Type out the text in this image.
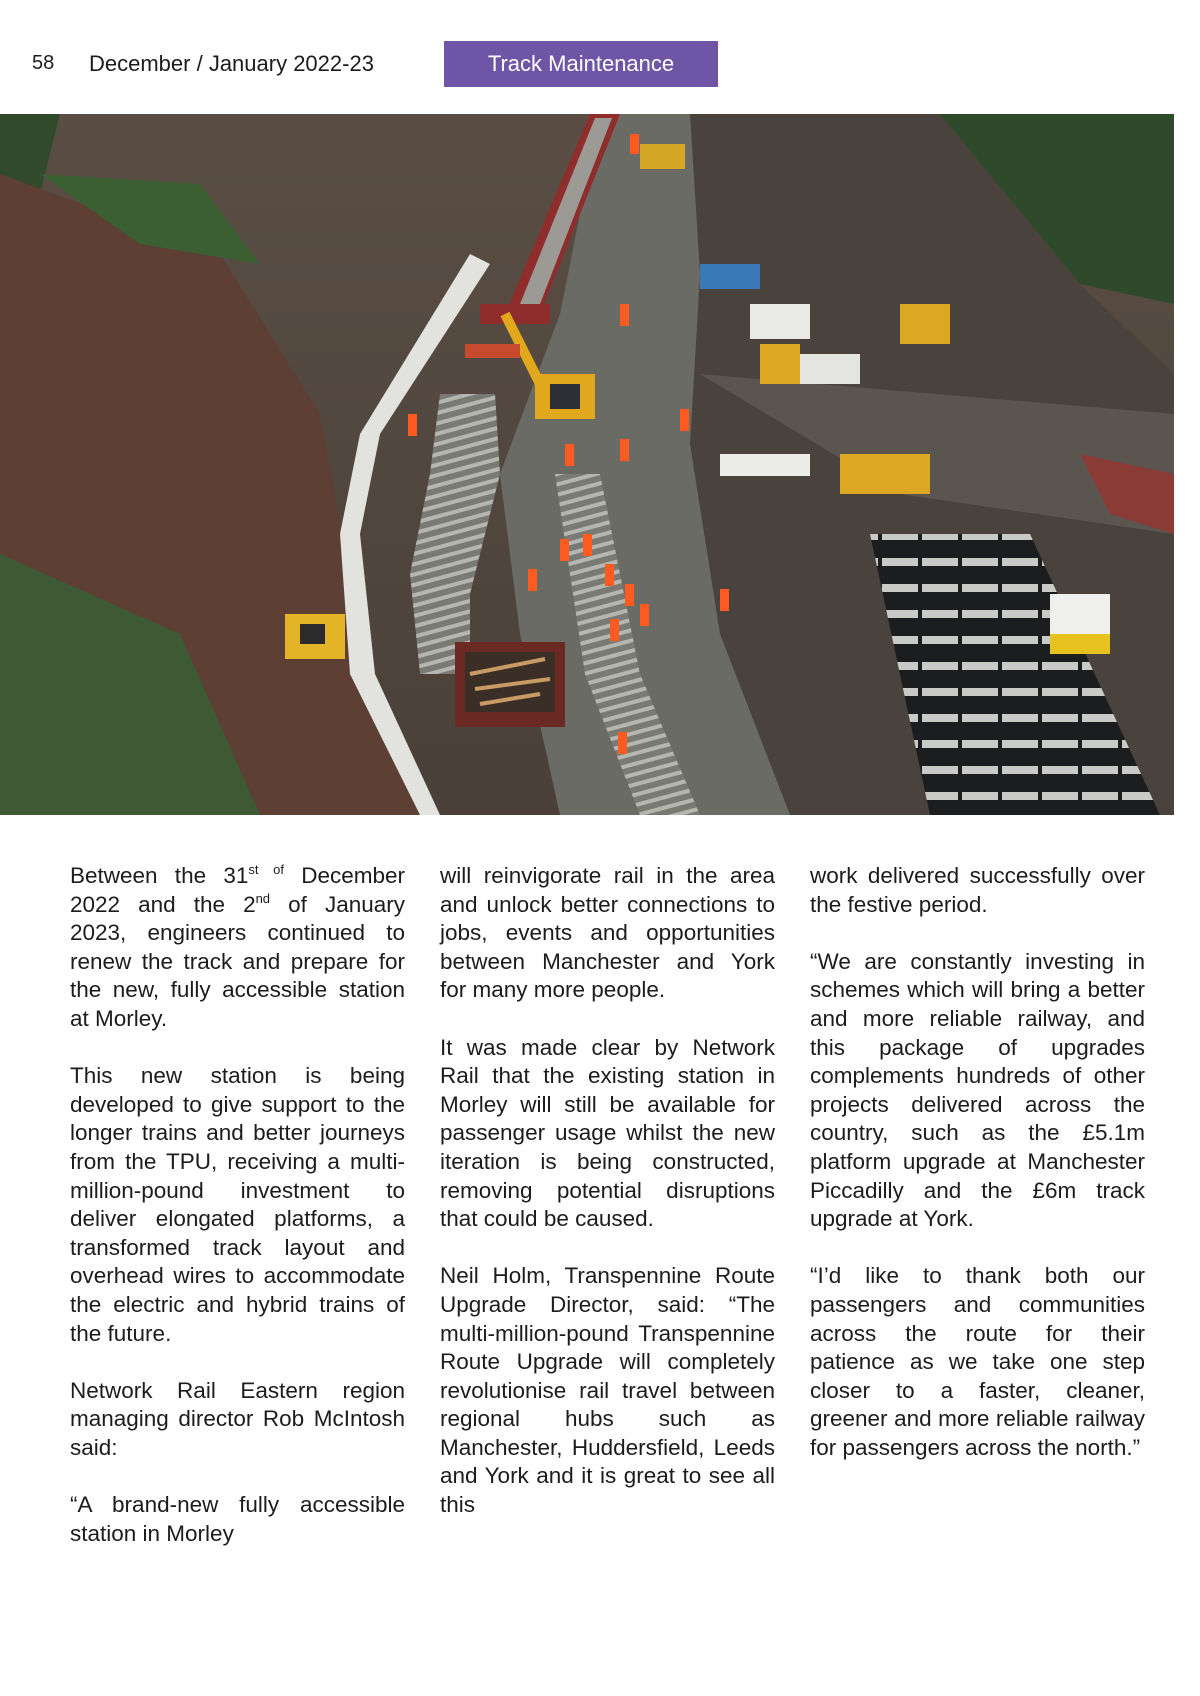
58 December / January 2022-23	Track Maintenance

Between the $31^{st of}$ December 2022 and the 2nd of January 2023, engineers continued to renew the track and prepare for the new, fully accessible station at Morley.

This new station is being developed to give support to the longer trains and better journeys from the TPU, receiving a multi-million-pound investment to deliver elongated platforms, a transformed track layout and overhead wires to accommodate the electric and hybrid trains of the future.

Network Rail Eastern region managing director Rob McIntosh said:

“A brand-new fully accessible station in Morley

will reinvigorate rail in the area and unlock better connections to jobs, events and opportunities between Manchester and York for many more people.

It was made clear by Network Rail that the existing station in Morley will still be available for passenger usage whilst the new iteration is being constructed, removing potential disruptions that could be caused.

Neil Holm, Transpennine Route Upgrade Director, said: “The multi-million-pound Transpennine Route Upgrade will completely revolutionise rail travel between regional hubs such as Manchester, Huddersfield, Leeds and York and it is great to see all this

work delivered successfully over the festive period.

“We are constantly investing in schemes which will bring a better and more reliable railway, and this package of upgrades complements hundreds of other projects delivered across the country, such as the £5.1m platform upgrade at Manchester Piccadilly and the £6m track upgrade at York.

“I’d like to thank both our passengers and communities across the route for their patience as we take one step closer to a faster, cleaner, greener and more reliable railway for passengers across the north.”
